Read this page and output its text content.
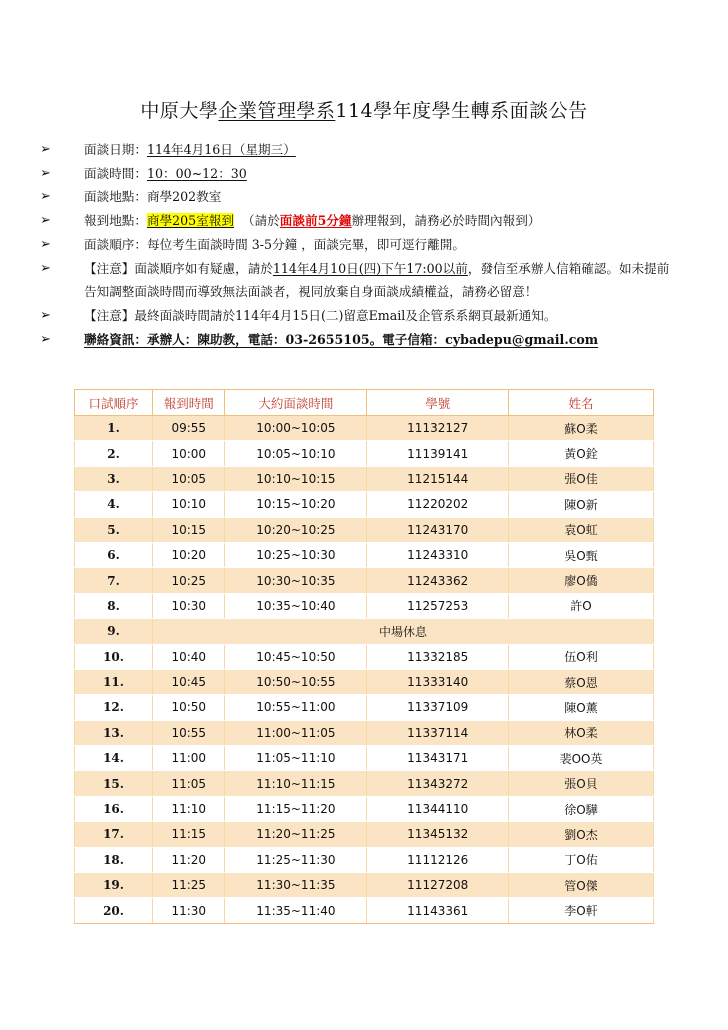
中原大學企業管理學系114學年度學生轉系面談公告
➢	面談日期：114年4月16日（星期三）
➢	面談時間：10：00~12：30
➢	面談地點：商學202教室
➢	報到地點：商學205室報到 （請於面談前5分鐘辦理報到，請務必於時間內報到）
➢	面談順序：每位考生面談時間 3-5分鐘 ，面談完畢，即可逕行離開。
➢	【注意】面談順序如有疑慮，請於114年4月10日(四)下午17:00以前，發信至承辦人信箱確認。如未提前告知調整面談時間而導致無法面談者，視同放棄自身面談成績權益，請務必留意！
➢	【注意】最終面談時間請於114年4月15日(二)留意Email及企管系系網頁最新通知。
➢	聯絡資訊：承辦人：陳助教，電話：03-2655105。電子信箱：cybadepu@gmail.com
口試順序	報到時間	大約面談時間	學號	姓名
1.	09:55	10:00~10:05	11132127	蘇O柔
2.	10:00	10:05~10:10	11139141	黃O銓
3.	10:05	10:10~10:15	11215144	張O佳
4.	10:10	10:15~10:20	11220202	陳O新
5.	10:15	10:20~10:25	11243170	袁O虹
6.	10:20	10:25~10:30	11243310	吳O甄
7.	10:25	10:30~10:35	11243362	廖O僑
8.	10:30	10:35~10:40	11257253	許O
9.	中場休息			
10.	10:40	10:45~10:50	11332185	伍O利
11.	10:45	10:50~10:55	11333140	蔡O恩
12.	10:50	10:55~11:00	11337109	陳O薰
13.	10:55	11:00~11:05	11337114	林O柔
14.	11:00	11:05~11:10	11343171	裴OO英
15.	11:05	11:10~11:15	11343272	張O貝
16.	11:10	11:15~11:20	11344110	徐O驊
17.	11:15	11:20~11:25	11345132	劉O杰
18.	11:20	11:25~11:30	11112126	丁O佑
19.	11:25	11:30~11:35	11127208	管O傑
20.	11:30	11:35~11:40	11143361	李O軒
